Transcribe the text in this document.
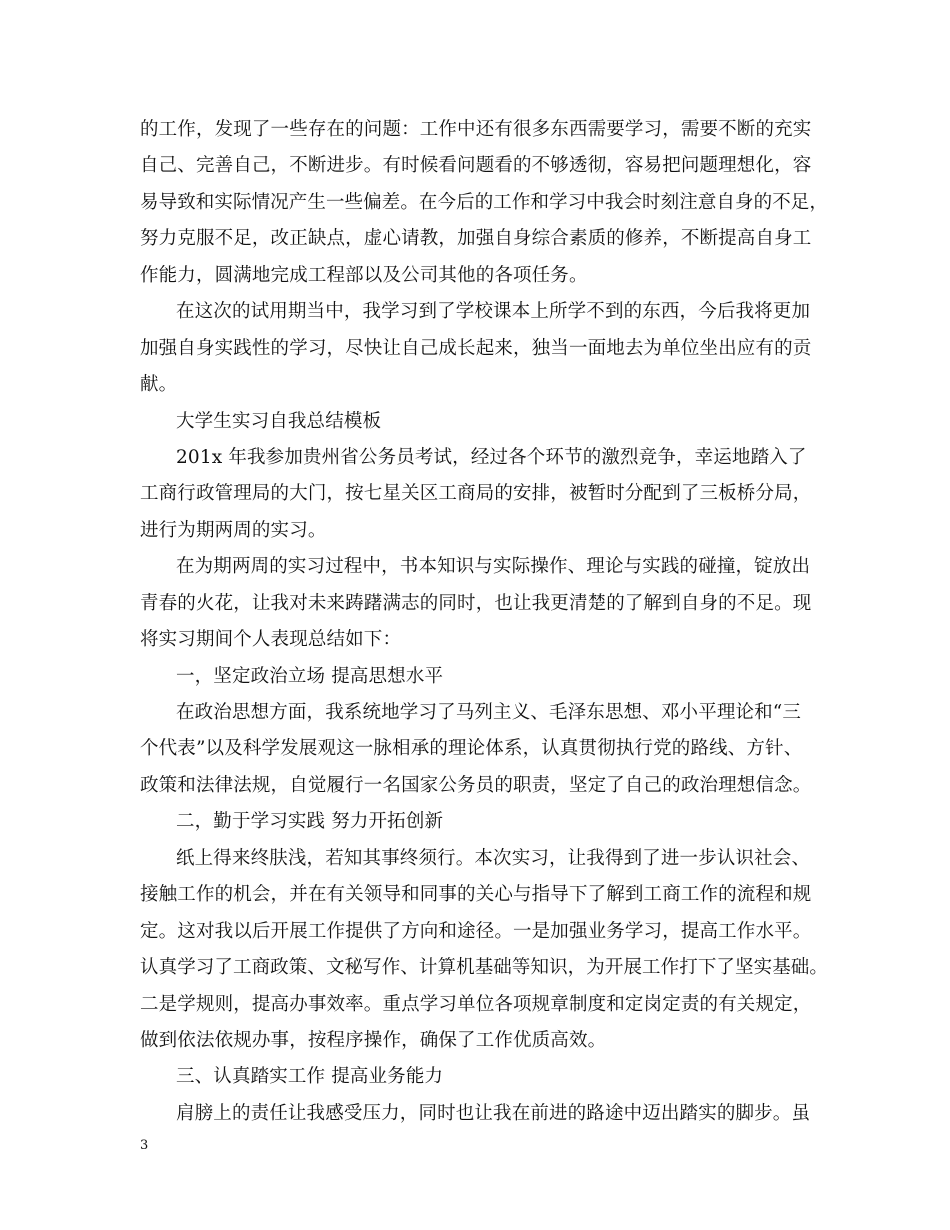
的工作，发现了一些存在的问题：工作中还有很多东西需要学习，需要不断的充实
自己、完善自己，不断进步。有时候看问题看的不够透彻，容易把问题理想化，容
易导致和实际情况产生一些偏差。在今后的工作和学习中我会时刻注意自身的不足，
努力克服不足，改正缺点，虚心请教，加强自身综合素质的修养，不断提高自身工
作能力，圆满地完成工程部以及公司其他的各项任务。
在这次的试用期当中，我学习到了学校课本上所学不到的东西，今后我将更加
加强自身实践性的学习，尽快让自己成长起来，独当一面地去为单位坐出应有的贡
献。
大学生实习自我总结模板
201x 年我参加贵州省公务员考试，经过各个环节的激烈竞争，幸运地踏入了
工商行政管理局的大门，按七星关区工商局的安排，被暂时分配到了三板桥分局，
进行为期两周的实习。
在为期两周的实习过程中，书本知识与实际操作、理论与实践的碰撞，锭放出
青春的火花，让我对未来踌躇满志的同时，也让我更清楚的了解到自身的不足。现
将实习期间个人表现总结如下：
一，坚定政治立场 提高思想水平
在政治思想方面，我系统地学习了马列主义、毛泽东思想、邓小平理论和“三
个代表”以及科学发展观这一脉相承的理论体系，认真贯彻执行党的路线、方针、
政策和法律法规，自觉履行一名国家公务员的职责，坚定了自己的政治理想信念。
二，勤于学习实践 努力开拓创新
纸上得来终肤浅，若知其事终须行。本次实习，让我得到了进一步认识社会、
接触工作的机会，并在有关领导和同事的关心与指导下了解到工商工作的流程和规
定。这对我以后开展工作提供了方向和途径。一是加强业务学习，提高工作水平。
认真学习了工商政策、文秘写作、计算机基础等知识，为开展工作打下了坚实基础。
二是学规则，提高办事效率。重点学习单位各项规章制度和定岗定责的有关规定，
做到依法依规办事，按程序操作，确保了工作优质高效。
三、认真踏实工作 提高业务能力
肩膀上的责任让我感受压力，同时也让我在前进的路途中迈出踏实的脚步。虽
3
